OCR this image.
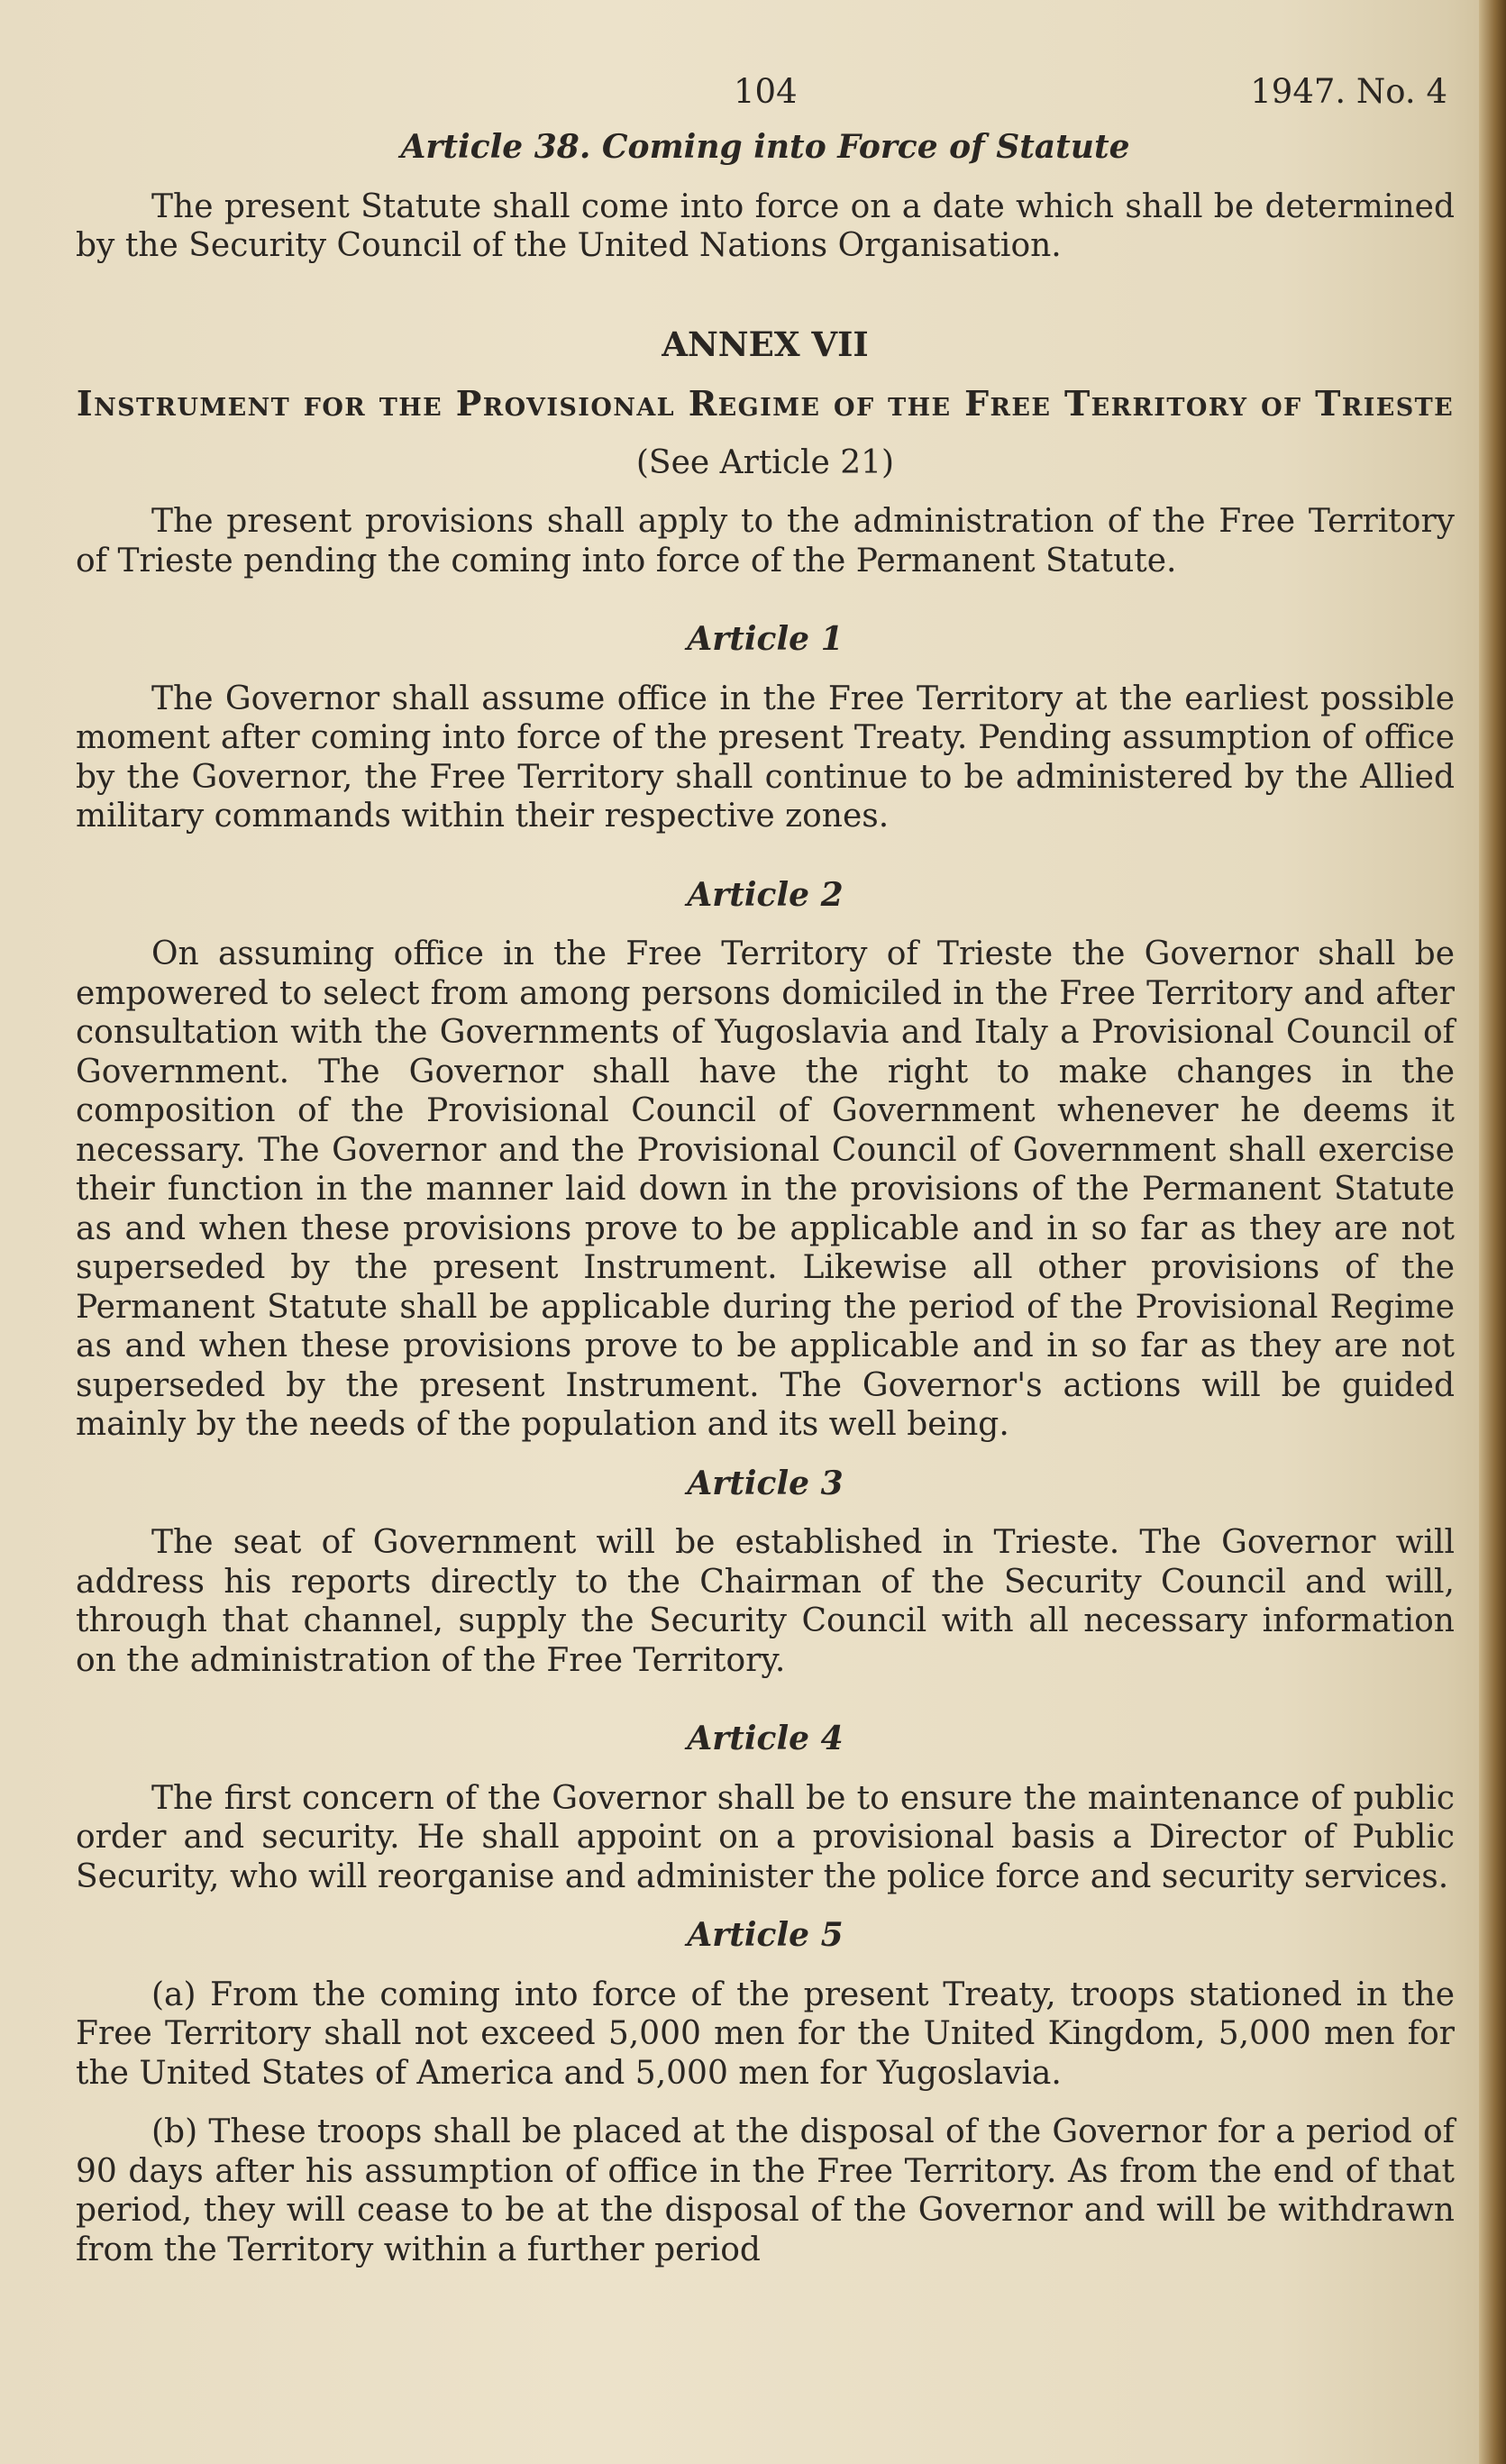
104	1947. No. 4
Article 38. Coming into Force of Statute

The present Statute shall come into force on a date which shall be determined by the Security Council of the United Nations Organisation.

ANNEX VII
Instrument for the Provisional Regime of the Free Territory of Trieste
(See Article 21)

The present provisions shall apply to the administration of the Free Territory of Trieste pending the coming into force of the Permanent Statute.

Article 1

The Governor shall assume office in the Free Territory at the earliest possible moment after coming into force of the present Treaty. Pending assumption of office by the Governor, the Free Territory shall continue to be administered by the Allied military commands within their respective zones.

Article 2

On assuming office in the Free Territory of Trieste the Governor shall be empowered to select from among persons domiciled in the Free Territory and after consultation with the Governments of Yugoslavia and Italy a Provisional Council of Government. The Governor shall have the right to make changes in the composition of the Provisional Council of Government whenever he deems it necessary. The Governor and the Provisional Council of Government shall exercise their function in the manner laid down in the provisions of the Permanent Statute as and when these provisions prove to be applicable and in so far as they are not superseded by the present Instrument. Likewise all other provisions of the Permanent Statute shall be applicable during the period of the Provisional Regime as and when these provisions prove to be applicable and in so far as they are not superseded by the present Instrument. The Governor's actions will be guided mainly by the needs of the population and its well being.

Article 3

The seat of Government will be established in Trieste. The Governor will address his reports directly to the Chairman of the Security Council and will, through that channel, supply the Security Council with all necessary information on the administration of the Free Territory.

Article 4

The first concern of the Governor shall be to ensure the maintenance of public order and security. He shall appoint on a provisional basis a Director of Public Security, who will reorganise and administer the police force and security services.

Article 5

(a) From the coming into force of the present Treaty, troops stationed in the Free Territory shall not exceed 5,000 men for the United Kingdom, 5,000 men for the United States of America and 5,000 men for Yugoslavia.

(b) These troops shall be placed at the disposal of the Governor for a period of 90 days after his assumption of office in the Free Territory. As from the end of that period, they will cease to be at the disposal of the Governor and will be withdrawn from the Territory within a further period
